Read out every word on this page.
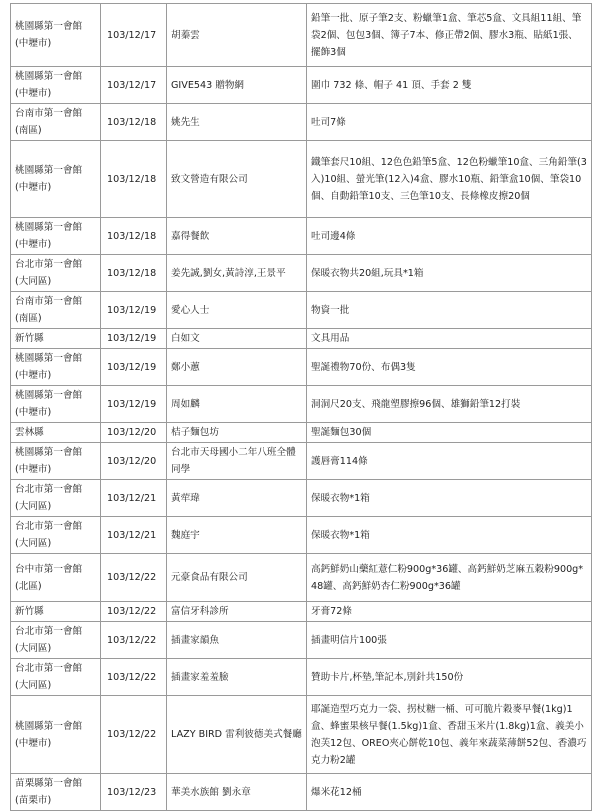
桃園縣第一會館
(中壢市)	103/12/17	胡蓁雲	鉛筆一批、原子筆2支、粉蠟筆1盒、筆芯5盒、文具組11組、筆袋2個、包包3個、簿子7本、修正帶2個、膠水3瓶、貼紙1張、擺飾3個
桃園縣第一會館
(中壢市)	103/12/17	GIVE543 贈物網	圍巾 732 條、帽子 41 頂、手套 2 雙
台南市第一會館
(南區)	103/12/18	姚先生	吐司7條
桃園縣第一會館
(中壢市)	103/12/18	致文營造有限公司	鐵筆套尺10組、12色色鉛筆5盒、12色粉蠟筆10盒、三角鉛筆(3入)10組、螢光筆(12入)4盒、膠水10瓶、鉛筆盒10個、筆袋10個、自動鉛筆10支、三色筆10支、長條橡皮擦20個
桃園縣第一會館
(中壢市)	103/12/18	嘉得餐飲	吐司邊4條
台北市第一會館
(大同區)	103/12/18	姜先誠,劉女,黃詩淳,王景平	保暖衣物共20組,玩具*1箱
台南市第一會館
(南區)	103/12/19	愛心人士	物資一批
新竹縣	103/12/19	白如文	文具用品
桃園縣第一會館
(中壢市)	103/12/19	鄭小蕙	聖誕禮物70份、布偶3隻
桃園縣第一會館
(中壢市)	103/12/19	周如麟	洞洞尺20支、飛龍塑膠擦96個、雄獅鉛筆12打裝
雲林縣	103/12/20	桔子麵包坊	聖誕麵包30個
桃園縣第一會館
(中壢市)	103/12/20	台北市天母國小二年八班全體同學	護唇膏114條
台北市第一會館
(大同區)	103/12/21	黃荦瑋	保暖衣物*1箱
台北市第一會館
(大同區)	103/12/21	魏庭宇	保暖衣物*1箱
台中市第一會館
(北區)	103/12/22	元豪食品有限公司	高鈣鮮奶山藥紅薏仁粉900g*36罐、高鈣鮮奶芝麻五穀粉900g*48罐、高鈣鮮奶杏仁粉900g*36罐
新竹縣	103/12/22	富信牙科診所	牙膏72條
台北市第一會館
(大同區)	103/12/22	插畫家韻魚	插畫明信片100張
台北市第一會館
(大同區)	103/12/22	插畫家羞羞臉	贊助卡片,杯墊,筆記本,別針共150份
桃園縣第一會館
(中壢市)	103/12/22	LAZY BIRD 雷利彼德美式餐廳	耶誕造型巧克力一袋、拐杖糖一桶、可可脆片穀麥早餐(1kg)1盒、蜂蜜果核早餐(1.5kg)1盒、香甜玉米片(1.8kg)1盒、義美小泡芙12包、OREO夾心餅乾10包、義年來蔬菜薄餅52包、香濃巧克力粉2罐
苗栗縣第一會館
(苗栗市)	103/12/23	華美水族館 劉永章	爆米花12桶
